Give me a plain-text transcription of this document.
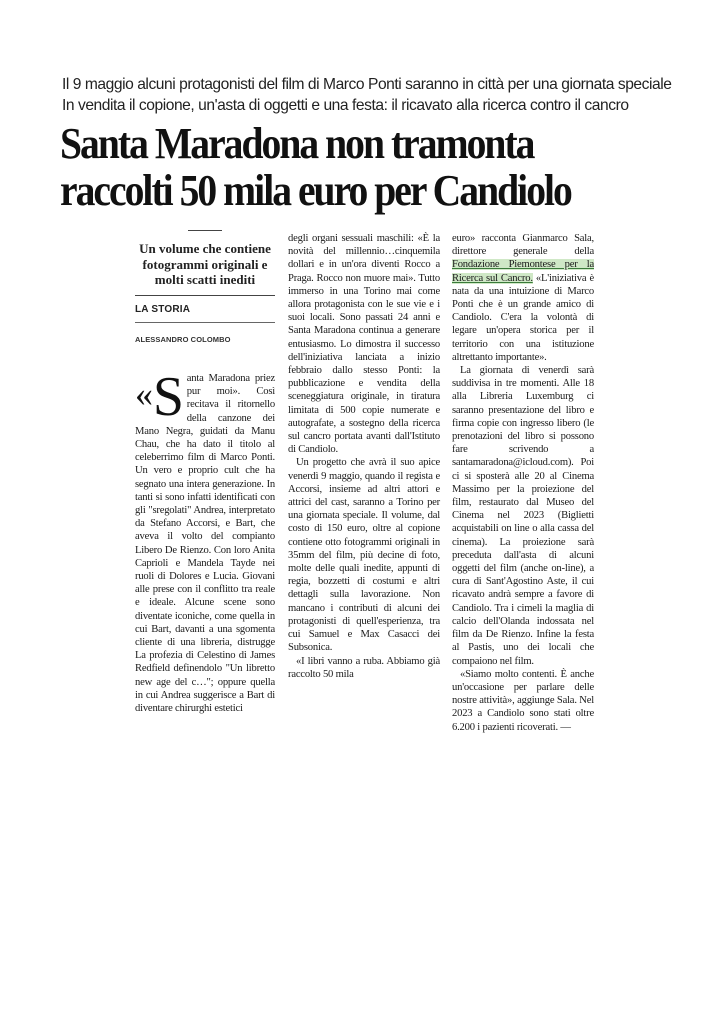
Il 9 maggio alcuni protagonisti del film di Marco Ponti saranno in città per una giornata speciale
In vendita il copione, un'asta di oggetti e una festa: il ricavato alla ricerca contro il cancro
Santa Maradona non tramonta
raccolti 50 mila euro per Candiolo
Un volume che contiene fotogrammi originali e molti scatti inediti
LA STORIA
ALESSANDRO COLOMBO

«S anta Maradona priez pur moi». Così recitava il ritornello della canzone dei Mano Negra, guidati da Manu Chau, che ha dato il titolo al celeberrimo film di Marco Ponti. Un vero e proprio cult che ha segnato una intera generazione. In tanti si sono infatti identificati con gli "sregolati" Andrea, interpretato da Stefano Accorsi, e Bart, che aveva il volto del compianto Libero De Rienzo. Con loro Anita Caprioli e Mandela Tayde nei ruoli di Dolores e Lucia. Giovani alle prese con il conflitto tra reale e ideale. Alcune scene sono diventate iconiche, come quella in cui Bart, davanti a una sgomenta cliente di una libreria, distrugge La profezia di Celestino di James Redfield definendolo "Un libretto new age del c…"; oppure quella in cui Andrea suggerisce a Bart di diventare chirurghi estetici

degli organi sessuali maschili: «È la novità del millennio…cinquemila dollari e in un'ora diventi Rocco a Praga. Rocco non muore mai». Tutto immerso in una Torino mai come allora protagonista con le sue vie e i suoi locali. Sono passati 24 anni e Santa Maradona continua a generare entusiasmo. Lo dimostra il successo dell'iniziativa lanciata a inizio febbraio dallo stesso Ponti: la pubblicazione e vendita della sceneggiatura originale, in tiratura limitata di 500 copie numerate e autografate, a sostegno della ricerca sul cancro portata avanti dall'Istituto di Candiolo.

Un progetto che avrà il suo apice venerdì 9 maggio, quando il regista e Accorsi, insieme ad altri attori e attrici del cast, saranno a Torino per una giornata speciale. Il volume, dal costo di 150 euro, oltre al copione contiene otto fotogrammi originali in 35mm del film, più decine di foto, molte delle quali inedite, appunti di regia, bozzetti di costumi e altri dettagli sulla lavorazione. Non mancano i contributi di alcuni dei protagonisti di quell'esperienza, tra cui Samuel e Max Casacci dei Subsonica.

«I libri vanno a ruba. Abbiamo già raccolto 50 mila

euro» racconta Gianmarco Sala, direttore generale della Fondazione Piemontese per la Ricerca sul Cancro. «L'iniziativa è nata da una intuizione di Marco Ponti che è un grande amico di Candiolo. C'era la volontà di legare un'opera storica per il territorio con una istituzione altrettanto importante».

La giornata di venerdì sarà suddivisa in tre momenti. Alle 18 alla Libreria Luxemburg ci saranno presentazione del libro e firma copie con ingresso libero (le prenotazioni del libro si possono fare scrivendo a santamaradona@icloud.com). Poi ci si sposterà alle 20 al Cinema Massimo per la proiezione del film, restaurato dal Museo del Cinema nel 2023 (Biglietti acquistabili on line o alla cassa del cinema). La proiezione sarà preceduta dall'asta di alcuni oggetti del film (anche on-line), a cura di Sant'Agostino Aste, il cui ricavato andrà sempre a favore di Candiolo. Tra i cimeli la maglia di calcio dell'Olanda indossata nel film da De Rienzo. Infine la festa al Pastis, uno dei locali che compaiono nel film.

«Siamo molto contenti. È anche un'occasione per parlare delle nostre attività», aggiunge Sala. Nel 2023 a Candiolo sono stati oltre 6.200 i pazienti ricoverati. —
